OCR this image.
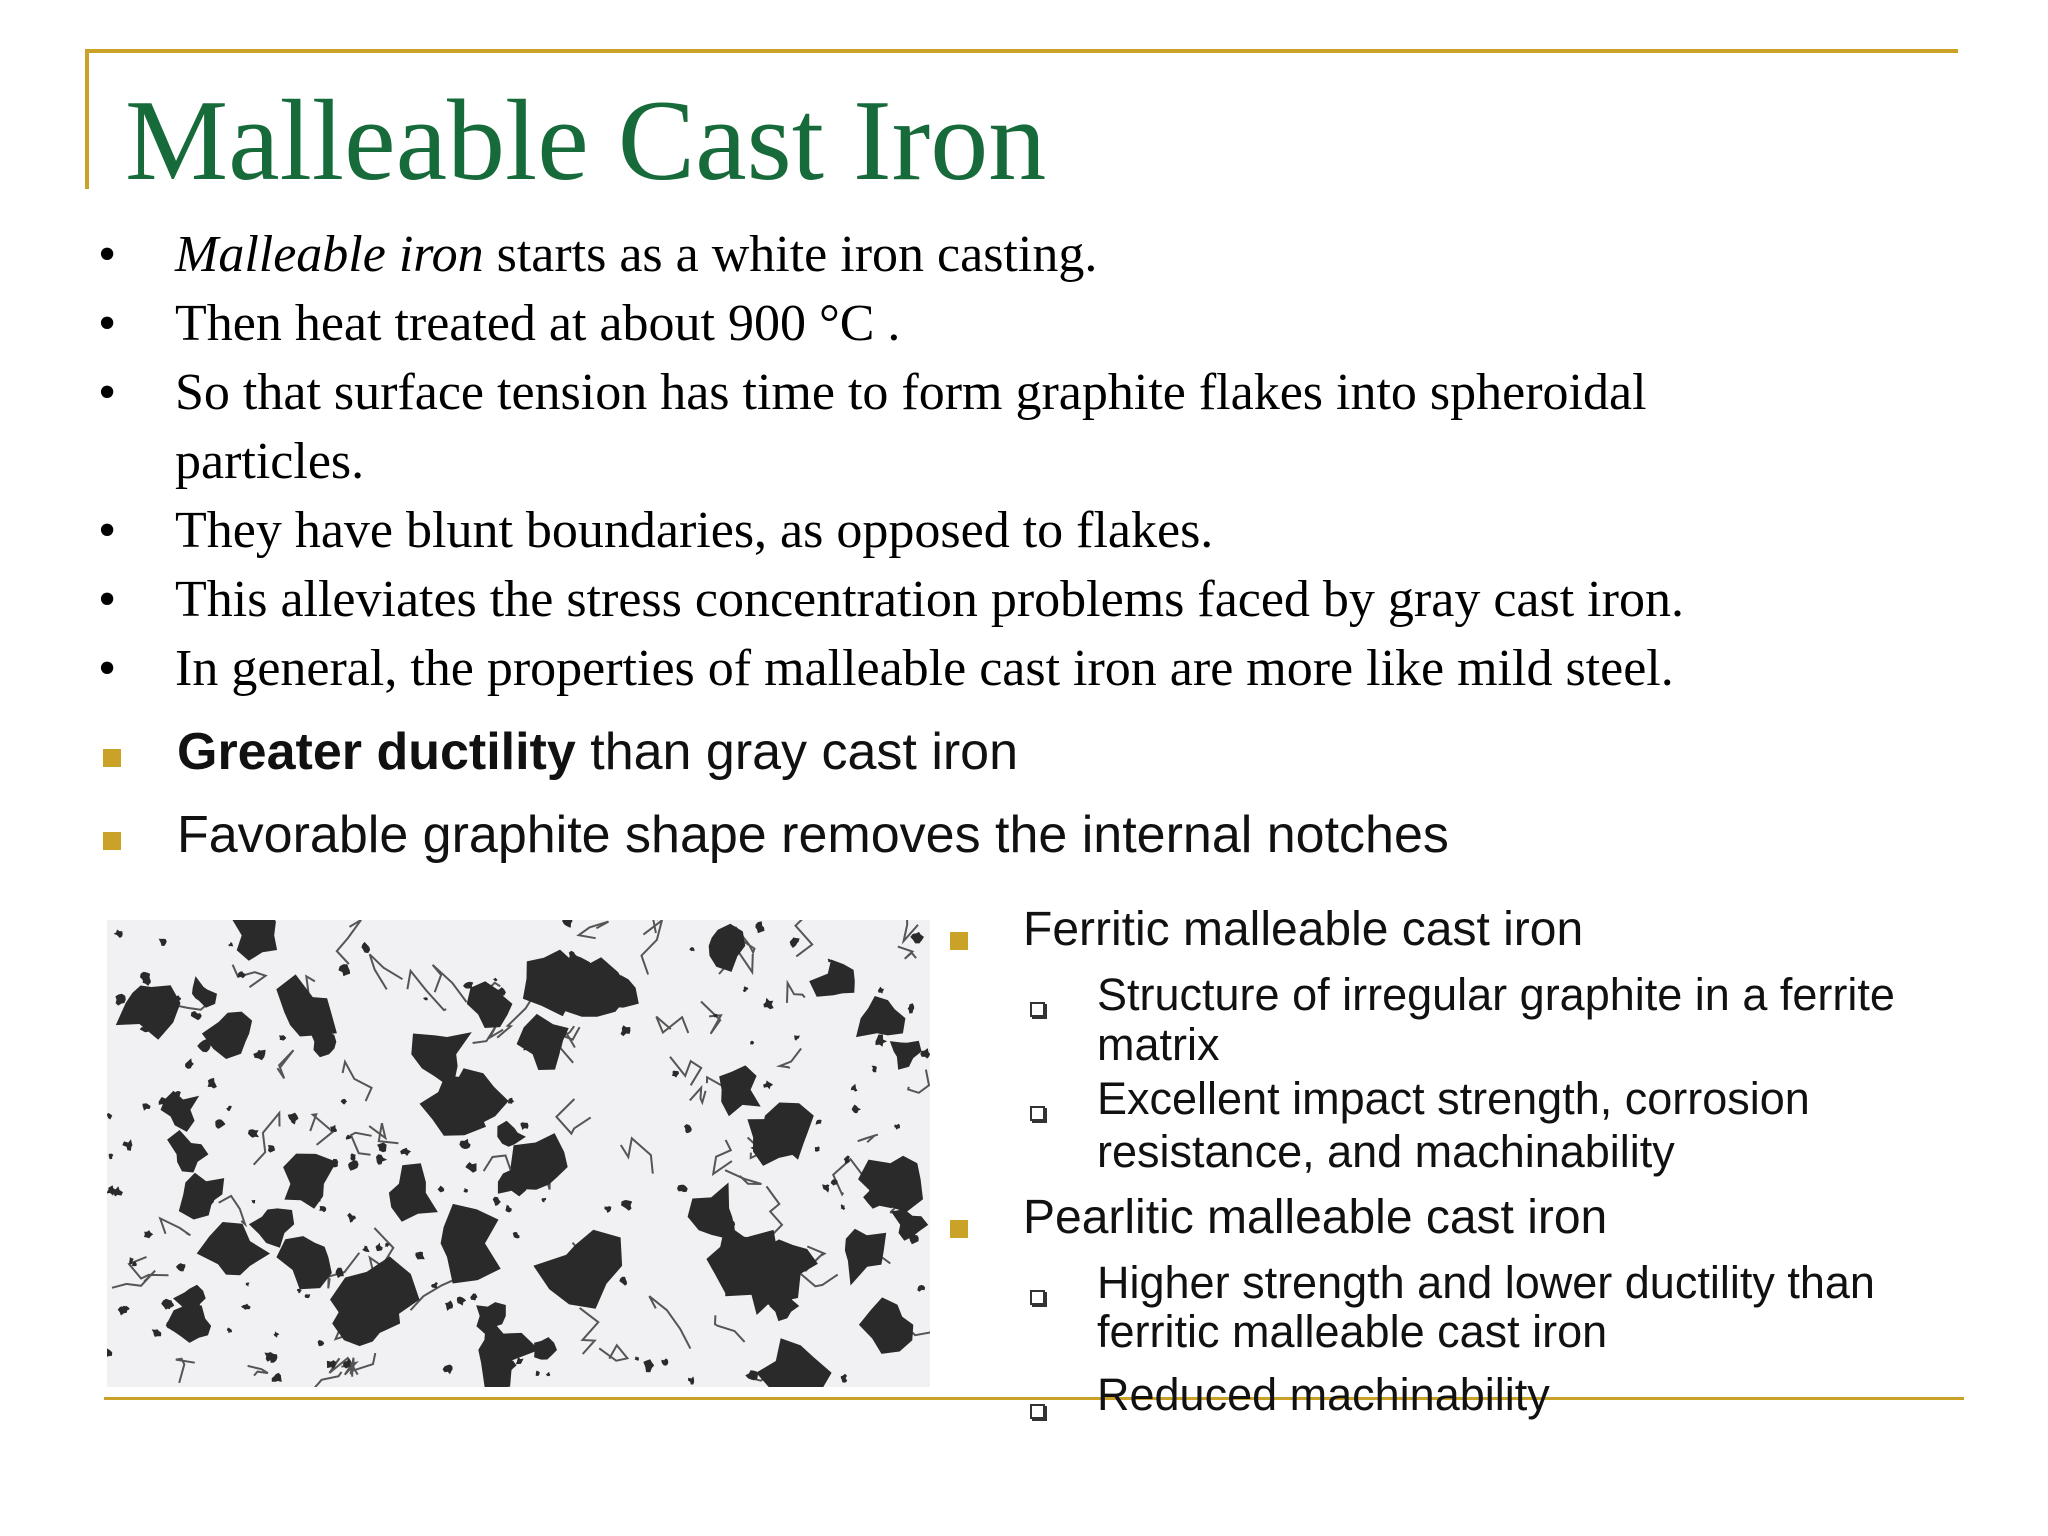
Malleable Cast Iron
• Malleable iron starts as a white iron casting.
• Then heat treated at about 900 °C .
• So that surface tension has time to form graphite flakes into spheroidal
particles.
• They have blunt boundaries, as opposed to flakes.
• This alleviates the stress concentration problems faced by gray cast iron.
• In general, the properties of malleable cast iron are more like mild steel.
Greater ductility than gray cast iron
Favorable graphite shape removes the internal notches
Ferritic malleable cast iron
Structure of irregular graphite in a ferrite
matrix
Excellent impact strength, corrosion
resistance, and machinability
Pearlitic malleable cast iron
Higher strength and lower ductility than
ferritic malleable cast iron
Reduced machinability
